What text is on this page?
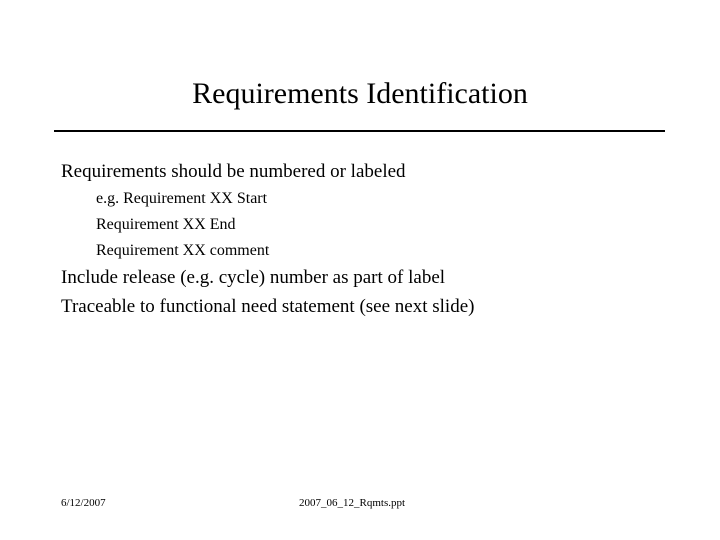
Requirements Identification
Requirements should be numbered or labeled
e.g. Requirement XX Start
Requirement XX End
Requirement XX comment
Include release (e.g. cycle) number as part of label
Traceable to functional need statement (see next slide)
6/12/2007	2007_06_12_Rqmts.ppt
